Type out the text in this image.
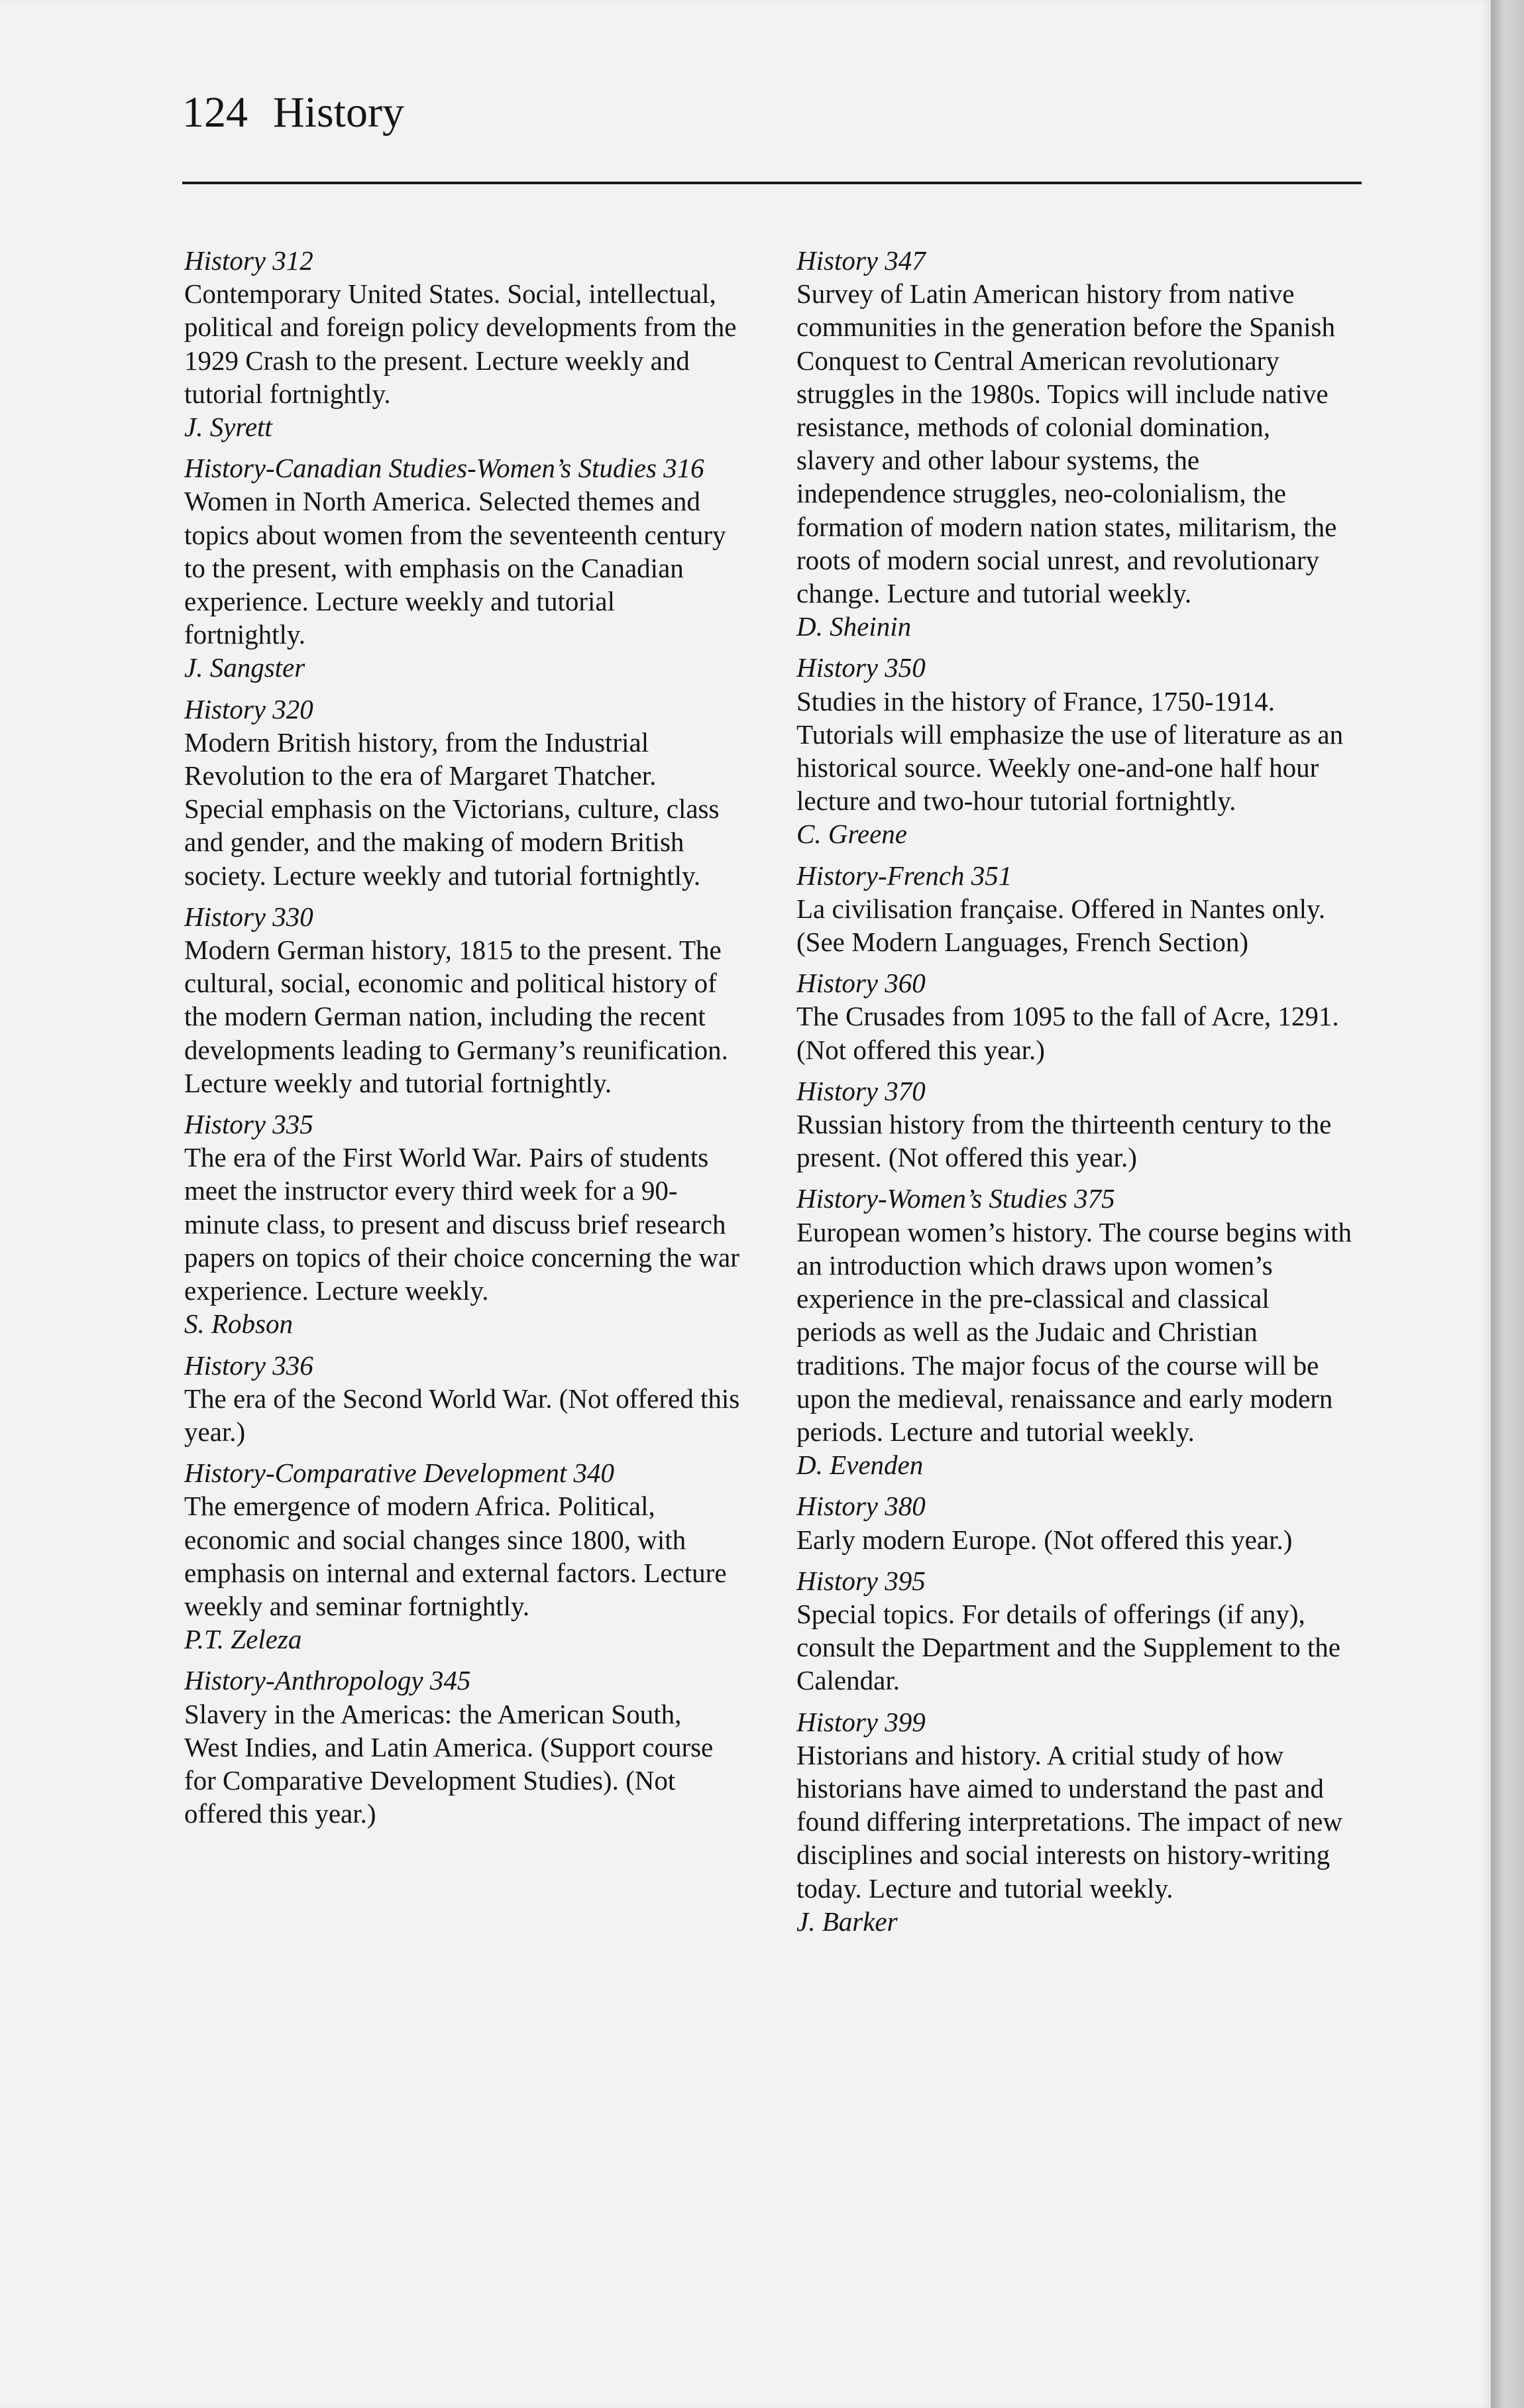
124 History
History 312
Contemporary United States. Social, intellectual, political and foreign policy developments from the 1929 Crash to the present. Lecture weekly and tutorial fortnightly.
J. Syrett
History-Canadian Studies-Women’s Studies 316
Women in North America. Selected themes and topics about women from the seventeenth century to the present, with emphasis on the Canadian experience. Lecture weekly and tutorial fortnightly.
J. Sangster
History 320
Modern British history, from the Industrial Revolution to the era of Margaret Thatcher. Special emphasis on the Victorians, culture, class and gender, and the making of modern British society. Lecture weekly and tutorial fortnightly.
History 330
Modern German history, 1815 to the present. The cultural, social, economic and political history of the modern German nation, including the recent developments leading to Germany’s reunification. Lecture weekly and tutorial fortnightly.
History 335
The era of the First World War. Pairs of students meet the instructor every third week for a 90-minute class, to present and discuss brief research papers on topics of their choice concerning the war experience. Lecture weekly.
S. Robson
History 336
The era of the Second World War. (Not offered this year.)
History-Comparative Development 340
The emergence of modern Africa. Political, economic and social changes since 1800, with emphasis on internal and external factors. Lecture weekly and seminar fortnightly.
P.T. Zeleza
History-Anthropology 345
Slavery in the Americas: the American South, West Indies, and Latin America. (Support course for Comparative Development Studies). (Not offered this year.)
History 347
Survey of Latin American history from native communities in the generation before the Spanish Conquest to Central American revolutionary struggles in the 1980s. Topics will include native resistance, methods of colonial domination, slavery and other labour systems, the independence struggles, neo-colonialism, the formation of modern nation states, militarism, the roots of modern social unrest, and revolutionary change. Lecture and tutorial weekly.
D. Sheinin
History 350
Studies in the history of France, 1750-1914. Tutorials will emphasize the use of literature as an historical source. Weekly one-and-one half hour lecture and two-hour tutorial fortnightly.
C. Greene
History-French 351
La civilisation française. Offered in Nantes only. (See Modern Languages, French Section)
History 360
The Crusades from 1095 to the fall of Acre, 1291. (Not offered this year.)
History 370
Russian history from the thirteenth century to the present. (Not offered this year.)
History-Women’s Studies 375
European women’s history. The course begins with an introduction which draws upon women’s experience in the pre-classical and classical periods as well as the Judaic and Christian traditions. The major focus of the course will be upon the medieval, renaissance and early modern periods. Lecture and tutorial weekly.
D. Evenden
History 380
Early modern Europe. (Not offered this year.)
History 395
Special topics. For details of offerings (if any), consult the Department and the Supplement to the Calendar.
History 399
Historians and history. A critial study of how historians have aimed to understand the past and found differing interpretations. The impact of new disciplines and social interests on history-writing today. Lecture and tutorial weekly.
J. Barker
